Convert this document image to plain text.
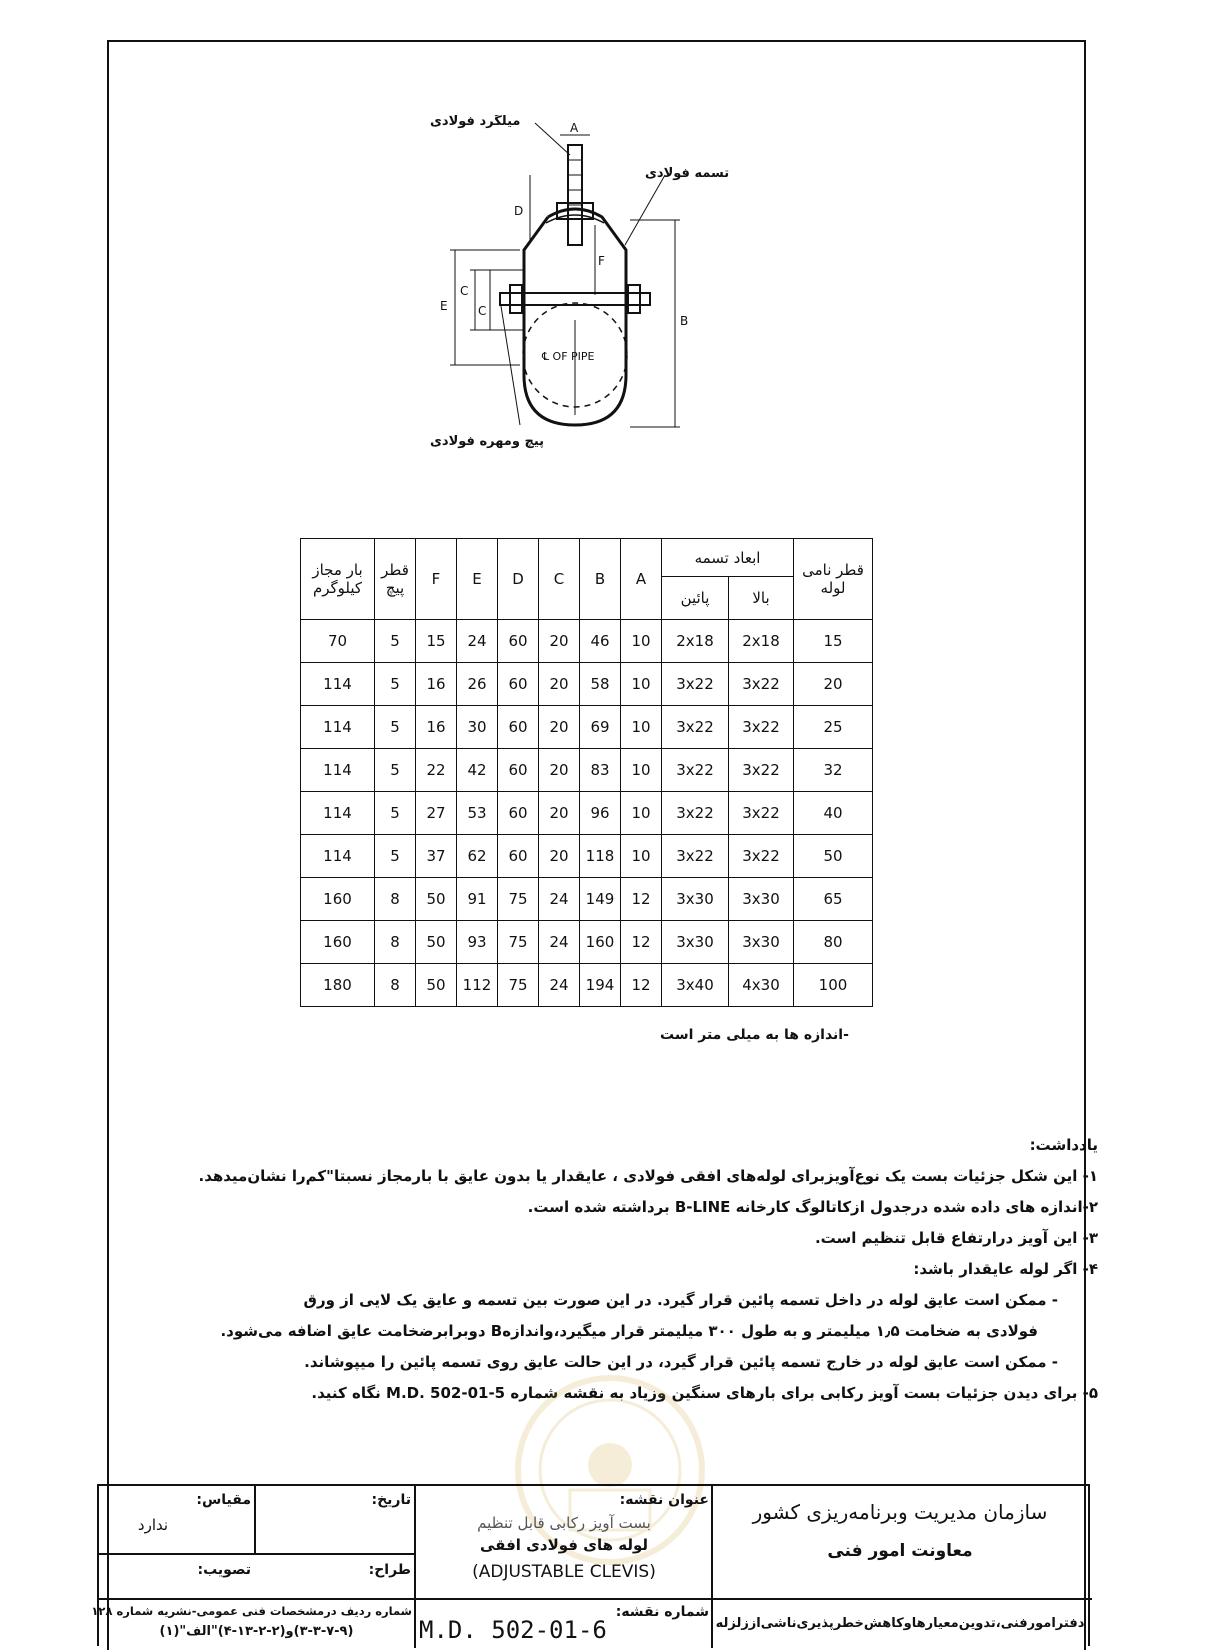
A
D
F
E
C
C
B
℄ OF PIPE
میلگرد فولادی
تسمه فولادی
پیچ ومهره فولادی
قطر نامی لوله	ابعاد تسمه		A	B	C	D	E	F	قطر پیچ	بار مجاز کیلوگرم
	بالا	پائین								
15	2x18	2x18	10	46	20	60	24	15	5	70
20	3x22	3x22	10	58	20	60	26	16	5	114
25	3x22	3x22	10	69	20	60	30	16	5	114
32	3x22	3x22	10	83	20	60	42	22	5	114
40	3x22	3x22	10	96	20	60	53	27	5	114
50	3x22	3x22	10	118	20	60	62	37	5	114
65	3x30	3x30	12	149	24	75	91	50	8	160
80	3x30	3x30	12	160	24	75	93	50	8	160
100	4x30	3x40	12	194	24	75	112	50	8	180
-اندازه ها به میلی متر است
یادداشت:
۱- این شکل جزئیات بست یک نوع‌آویزبرای لوله‌های افقی فولادی ، عایقدار یا بدون عایق با بارمجاز نسبتا"کم‌را نشان‌میدهد.
۲-اندازه های داده شده درجدول ازکاتالوگ کارخانه B-LINE برداشته شده است.
۳- این آویز درارتفاع قابل تنظیم است.
۴- اگر لوله عایقدار باشد:
- ممکن است عایق لوله در داخل تسمه پائین قرار گیرد. در این صورت بین تسمه و عایق یک لایی از ورق
فولادی به ضخامت ۱٫۵ میلیمتر و به طول ۳۰۰ میلیمتر قرار میگیرد،واندازهB دوبرابرضخامت عایق اضافه می‌شود.
- ممکن است عایق لوله در خارج تسمه پائین قرار گیرد، در این حالت عایق روی تسمه پائین را میپوشاند.
۵- برای دیدن جزئیات بست آویز رکابی برای بارهای سنگین وزیاد به نقشه شماره M.D. 502-01-5 نگاه کنید.
سازمان مدیریت وبرنامه‌ریزی کشور
معاونت امور فنی
دفترامورفنی،تدوین‌معیارهاوکاهش‌خطرپذیری‌ناشی‌اززلزله
عنوان نقشه:
بست آویز رکابی قابل تنظیم
لوله های فولادی افقی
(ADJUSTABLE CLEVIS)
شماره نقشه:
M.D. 502-01-6
تاریخ:
طراح:
مقیاس:
ندارد
تصویب:
شماره ردیف درمشخصات فنی عمومی-نشریه شماره ۱۲۸
(۳-۳-۷-۹)و(۲-۲-۱۳-۴)"الف"(۱)
